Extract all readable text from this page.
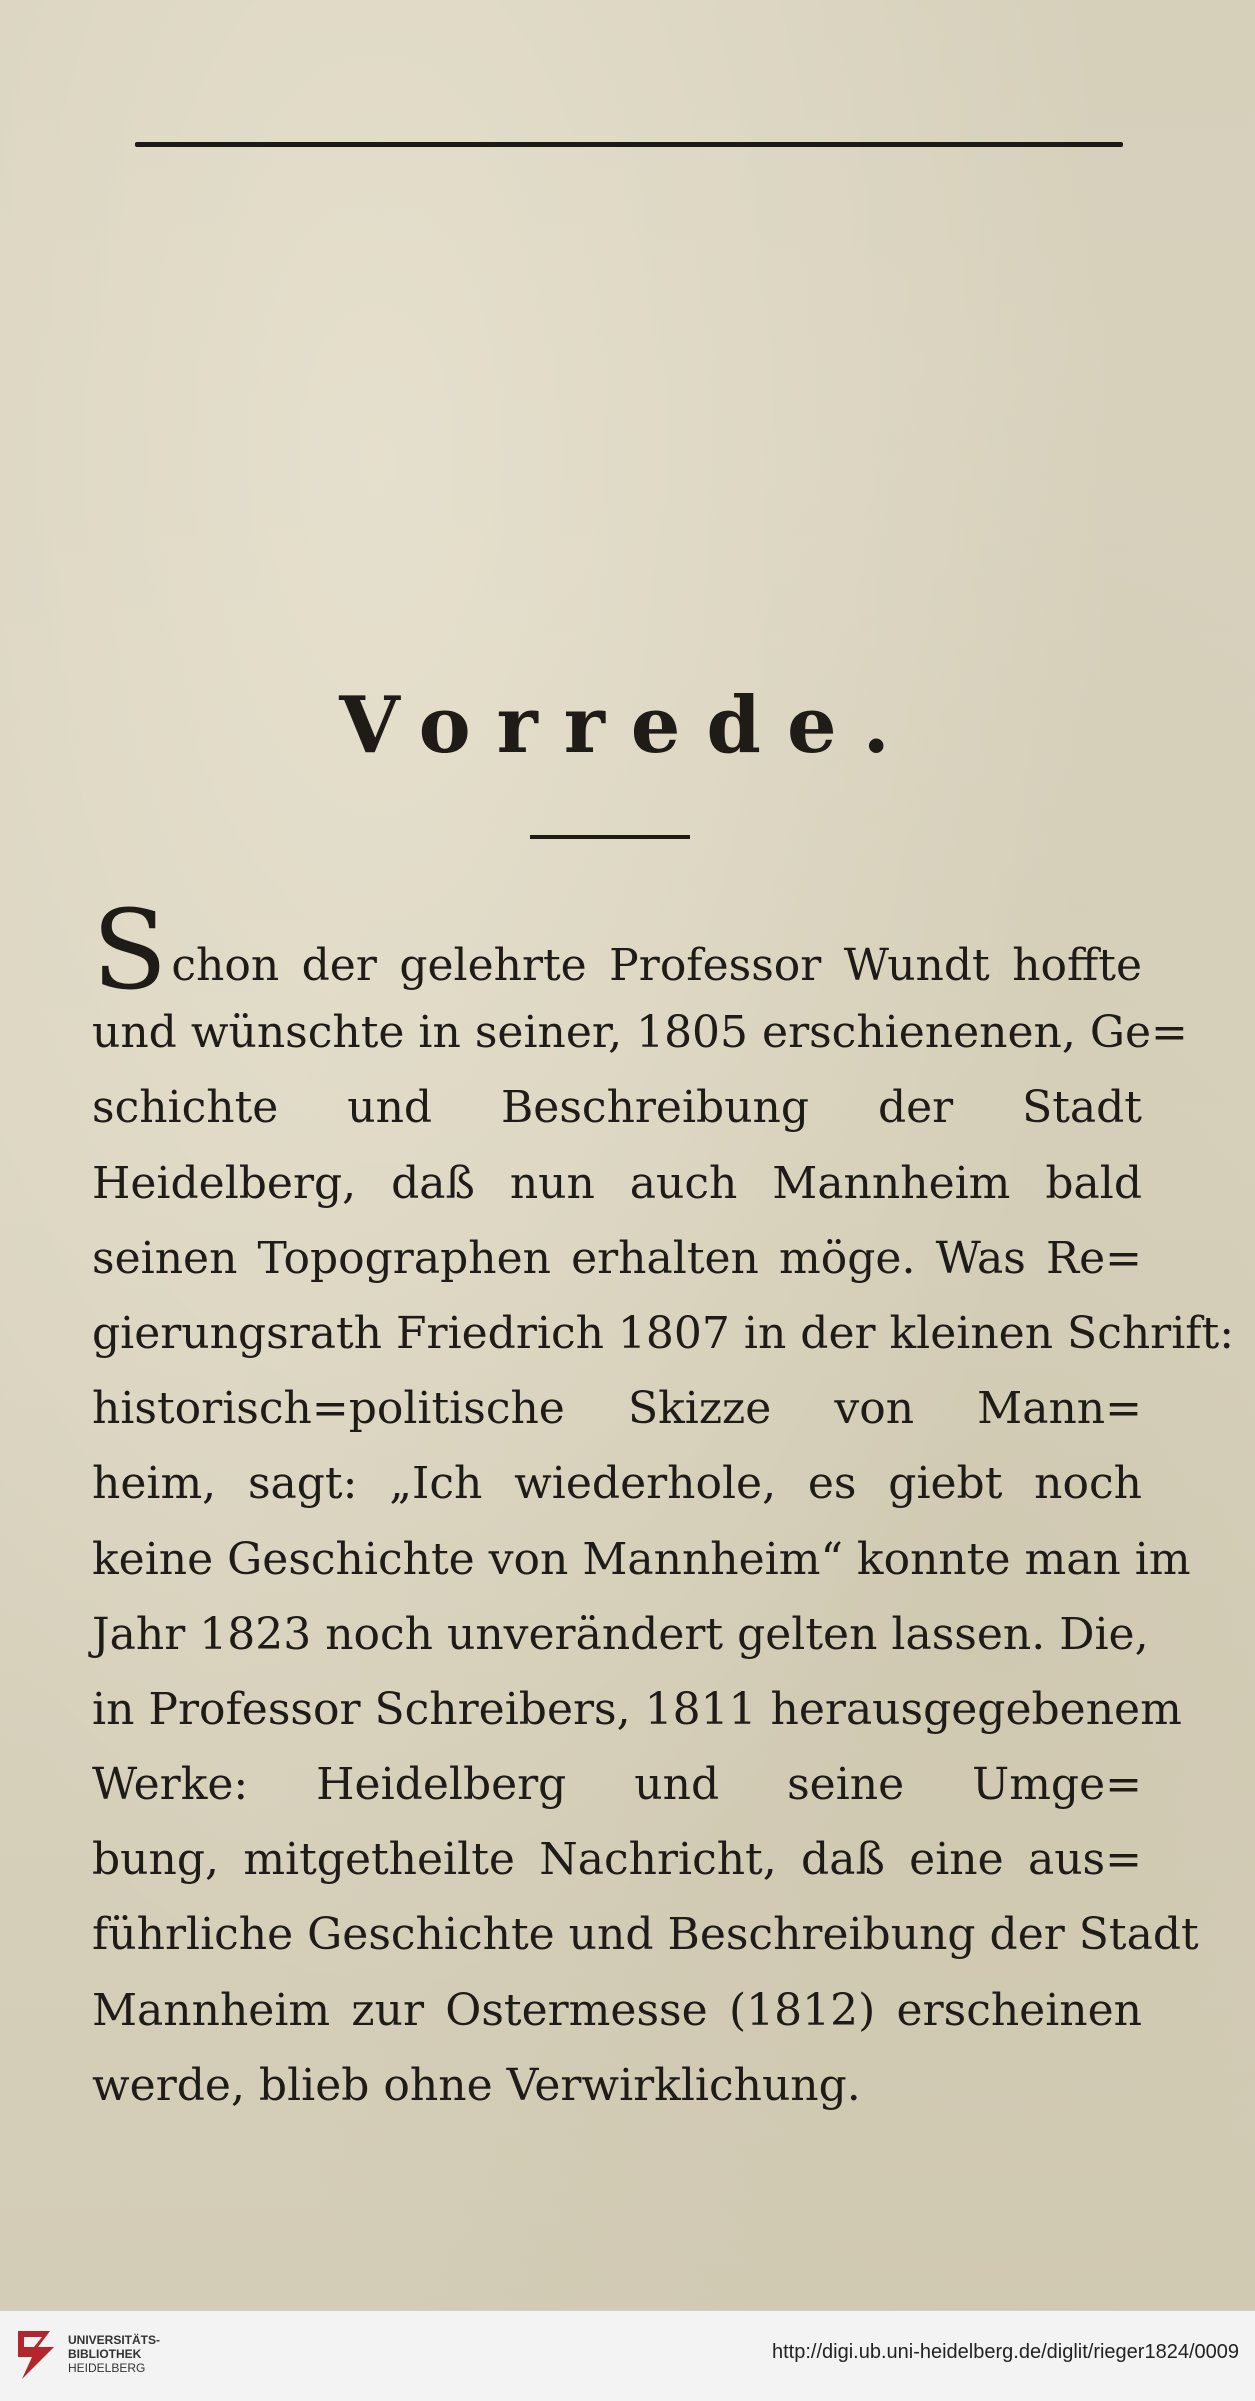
Vorrede.
Schon der gelehrte Professor Wundt hoffte
und wünschte in seiner, 1805 erschienenen, Ge=
schichte und Beschreibung der Stadt
Heidelberg, daß nun auch Mannheim bald
seinen Topographen erhalten möge. Was Re=
gierungsrath Friedrich 1807 in der kleinen Schrift:
historisch=politische Skizze von Mann=
heim, sagt: „Ich wiederhole, es giebt noch
keine Geschichte von Mannheim“ konnte man im
Jahr 1823 noch unverändert gelten lassen. Die,
in Professor Schreibers, 1811 herausgegebenem
Werke: Heidelberg und seine Umge=
bung, mitgetheilte Nachricht, daß eine aus=
führliche Geschichte und Beschreibung der Stadt
Mannheim zur Ostermesse (1812) erscheinen
werde, blieb ohne Verwirklichung.
UNIVERSITÄTS-
BIBLIOTHEK
HEIDELBERG
http://digi.ub.uni-heidelberg.de/diglit/rieger1824/0009
